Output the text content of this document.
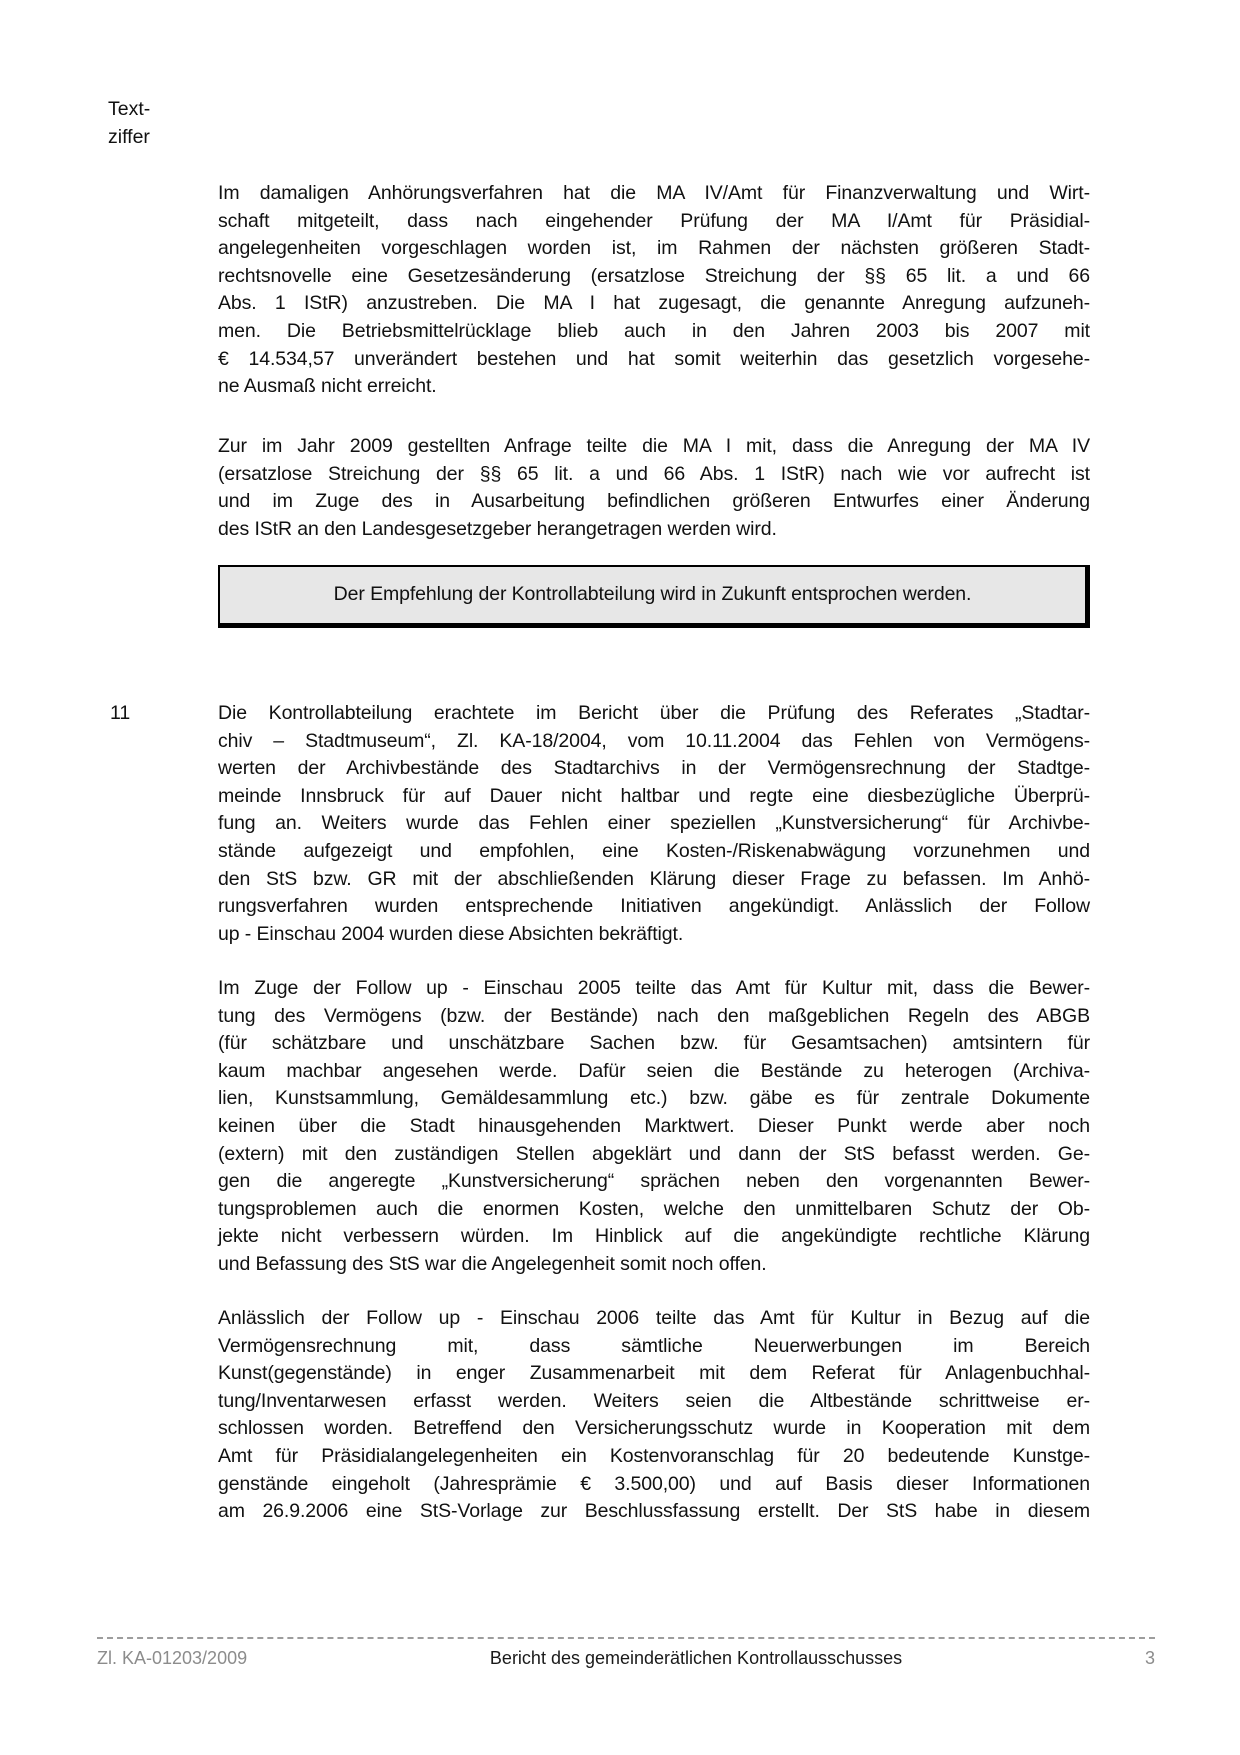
Text-
ziffer
Im damaligen Anhörungsverfahren hat die MA IV/Amt für Finanzverwaltung und Wirt-
schaft mitgeteilt, dass nach eingehender Prüfung der MA I/Amt für Präsidial-
angelegenheiten vorgeschlagen worden ist, im Rahmen der nächsten größeren Stadt-
rechtsnovelle eine Gesetzesänderung (ersatzlose Streichung der §§ 65 lit. a und 66
Abs. 1 IStR) anzustreben. Die MA I hat zugesagt, die genannte Anregung aufzuneh-
men. Die Betriebsmittelrücklage blieb auch in den Jahren 2003 bis 2007 mit
€ 14.534,57 unverändert bestehen und hat somit weiterhin das gesetzlich vorgesehe-
ne Ausmaß nicht erreicht.
Zur im Jahr 2009 gestellten Anfrage teilte die MA I mit, dass die Anregung der MA IV
(ersatzlose Streichung der §§ 65 lit. a und 66 Abs. 1 IStR) nach wie vor aufrecht ist
und im Zuge des in Ausarbeitung befindlichen größeren Entwurfes einer Änderung
des IStR an den Landesgesetzgeber herangetragen werden wird.
Der Empfehlung der Kontrollabteilung wird in Zukunft entsprochen werden.
11	Die Kontrollabteilung erachtete im Bericht über die Prüfung des Referates „Stadtar-
chiv – Stadtmuseum“, Zl. KA-18/2004, vom 10.11.2004 das Fehlen von Vermögens-
werten der Archivbestände des Stadtarchivs in der Vermögensrechnung der Stadtge-
meinde Innsbruck für auf Dauer nicht haltbar und regte eine diesbezügliche Überprü-
fung an. Weiters wurde das Fehlen einer speziellen „Kunstversicherung“ für Archivbe-
stände aufgezeigt und empfohlen, eine Kosten-/Riskenabwägung vorzunehmen und
den StS bzw. GR mit der abschließenden Klärung dieser Frage zu befassen. Im Anhö-
rungsverfahren wurden entsprechende Initiativen angekündigt. Anlässlich der Follow
up - Einschau 2004 wurden diese Absichten bekräftigt.
Im Zuge der Follow up - Einschau 2005 teilte das Amt für Kultur mit, dass die Bewer-
tung des Vermögens (bzw. der Bestände) nach den maßgeblichen Regeln des ABGB
(für schätzbare und unschätzbare Sachen bzw. für Gesamtsachen) amtsintern für
kaum machbar angesehen werde. Dafür seien die Bestände zu heterogen (Archiva-
lien, Kunstsammlung, Gemäldesammlung etc.) bzw. gäbe es für zentrale Dokumente
keinen über die Stadt hinausgehenden Marktwert. Dieser Punkt werde aber noch
(extern) mit den zuständigen Stellen abgeklärt und dann der StS befasst werden. Ge-
gen die angeregte „Kunstversicherung“ sprächen neben den vorgenannten Bewer-
tungsproblemen auch die enormen Kosten, welche den unmittelbaren Schutz der Ob-
jekte nicht verbessern würden. Im Hinblick auf die angekündigte rechtliche Klärung
und Befassung des StS war die Angelegenheit somit noch offen.
Anlässlich der Follow up - Einschau 2006 teilte das Amt für Kultur in Bezug auf die
Vermögensrechnung mit, dass sämtliche Neuerwerbungen im Bereich
Kunst(gegenstände) in enger Zusammenarbeit mit dem Referat für Anlagenbuchhal-
tung/Inventarwesen erfasst werden. Weiters seien die Altbestände schrittweise er-
schlossen worden. Betreffend den Versicherungsschutz wurde in Kooperation mit dem
Amt für Präsidialangelegenheiten ein Kostenvoranschlag für 20 bedeutende Kunstge-
genstände eingeholt (Jahresprämie € 3.500,00) und auf Basis dieser Informationen
am 26.9.2006 eine StS-Vorlage zur Beschlussfassung erstellt. Der StS habe in diesem
Zl. KA-01203/2009	Bericht des gemeinderätlichen Kontrollausschusses	3
